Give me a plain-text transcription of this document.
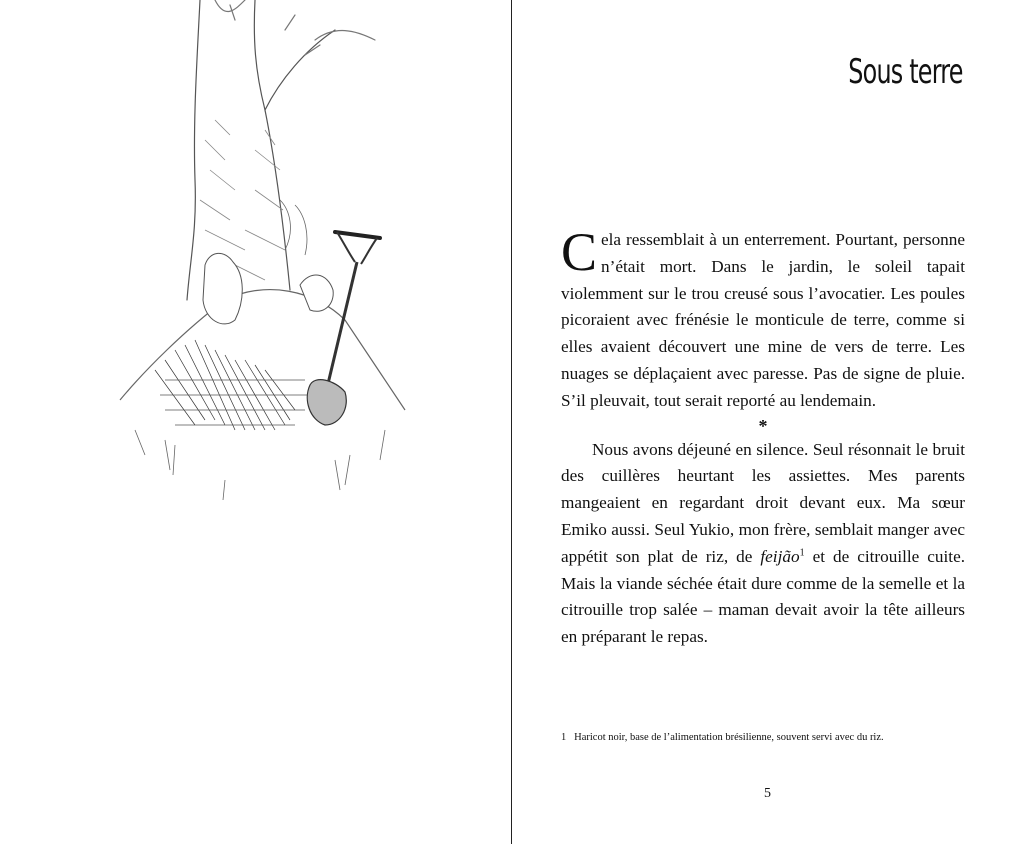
Sous terre

Cela ressemblait à un enterrement. Pourtant, personne n’était mort. Dans le jardin, le soleil tapait violemment sur le trou creusé sous l’avocatier. Les poules picoraient avec frénésie le monticule de terre, comme si elles avaient découvert une mine de vers de terre. Les nuages se déplaçaient avec paresse. Pas de signe de pluie. S’il pleuvait, tout serait reporté au lendemain.

*

Nous avons déjeuné en silence. Seul résonnait le bruit des cuillères heurtant les assiettes. Mes parents mangeaient en regardant droit devant eux. Ma sœur Emiko aussi. Seul Yukio, mon frère, semblait manger avec appétit son plat de riz, de feijão$^1$ et de citrouille cuite. Mais la viande séchée était dure comme de la semelle et la citrouille trop salée – maman devait avoir la tête ailleurs en préparant le repas.

1 Haricot noir, base de l’alimentation brésilienne, souvent servi avec du riz.
5
